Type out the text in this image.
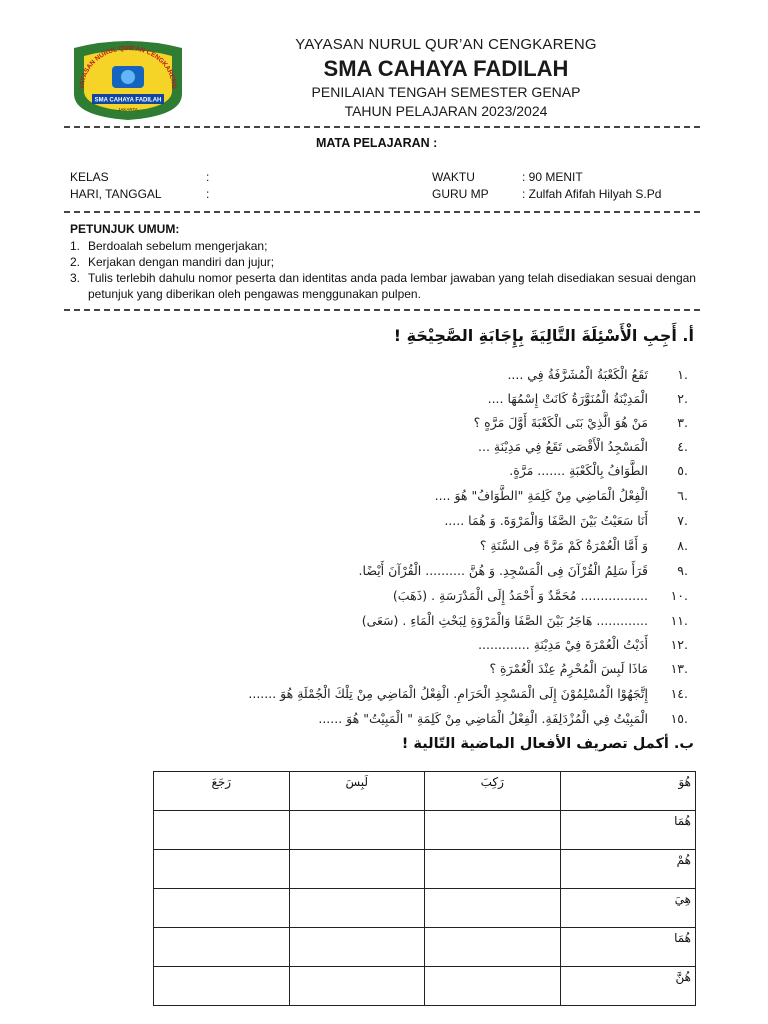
YAYASAN NURUL QUR’AN CENGKARENG
SMA CAHAYA FADILAH
JAKARTA
YAYASAN NURUL QUR’AN CENGKARENG
SMA CAHAYA FADILAH
PENILAIAN TENGAH SEMESTER GENAP
TAHUN PELAJARAN 2023/2024
MATA PELAJARAN :
KELAS	:	WAKTU	: 90 MENIT
HARI, TANGGAL	:	GURU MP	: Zulfah Afifah Hilyah S.Pd
PETUNJUK UMUM:
1. Berdoalah sebelum mengerjakan;
2. Kerjakan dengan mandiri dan jujur;
3. Tulis terlebih dahulu nomor peserta dan identitas anda pada lembar jawaban yang telah disediakan sesuai dengan petunjuk yang diberikan oleh pengawas menggunakan pulpen.
أ. أَجِبِ الْأَسْئِلَةَ التَّالِيَةَ بِإِجَابَةِ الصَّحِيْحَةِ !
.١تَقَعُ الْكَعْبَةُ الْمُشَرَّفَةُ فِي ....
.٢الْمَدِيْنَةُ الْمُنَوَّرَةُ كَانَتْ إِسْمُهَا ....
.٣مَنْ هُوَ الَّذِيْ بَنَى الْكَعْبَةَ أَوَّلَ مَرَّهٍ ؟
.٤الْمَسْجِدُ الْأَقْصَى تَقَعُ فِي مَدِيْنَةِ ...
.٥الطَّوَافُ بِالْكَعْبَةِ ....... مَرَّةٍ.
.٦الْفِعْلُ الْمَاضِي مِنْ كَلِمَةِ "الطَّوَافُ" هُوَ ....
.٧أَنَا سَعَيْتُ بَيْنَ الصَّفَا وَالْمَرْوَةَ. وَ هُمَا .....
.٨وَ أَمَّا الْعُمْرَةُ كَمْ مَرَّةً فِى السَّنَةِ ؟
.٩قَرَأَ سَلِمُ الْقُرْآنَ فِى الْمَسْجِدِ. وَ هُنَّ .......... الْقُرْآنَ أَيْضًا.
.١٠................. مُحَمَّدٌ وَ أَحْمَدُ إِلَى الْمَدْرَسَةِ . (ذَهَبَ)
.١١............. هَاجَرُ بَيْنَ الصَّفَا وَالْمَرْوَةِ لِبَحْثِ الْمَاءِ . (سَعَى)
.١٢أَدَيْتُ الْعُمْرَةَ فِيْ مَدِيْنَةِ .............
.١٣مَاذَا لَبِسَ الْمُحْرِمُ عِنْدَ الْعُمْرَةِ ؟
.١٤إِتَّجَهُوْا الْمُسْلِمُوْنَ إِلَى الْمَسْجِدِ الْحَرَامِ. الْفِعْلُ الْمَاضِي مِنْ تِلْكَ الْجُمْلَةِ هُوَ .......
.١٥الْمَبِيْتُ فِي الْمُزْدَلِفَةِ. الْفِعْلُ الْمَاضِي مِنْ كَلِمَةِ " الْمَبِيْتُ" هُوَ ......
ب. أكمل تصريف الأفعال الماضية التّالية !
هُوَ	رَكِبَ	لَبِسَ	رَجَعَ
هُمَا			
هُمْ			
هِيَ			
هُمَا			
هُنَّ			
